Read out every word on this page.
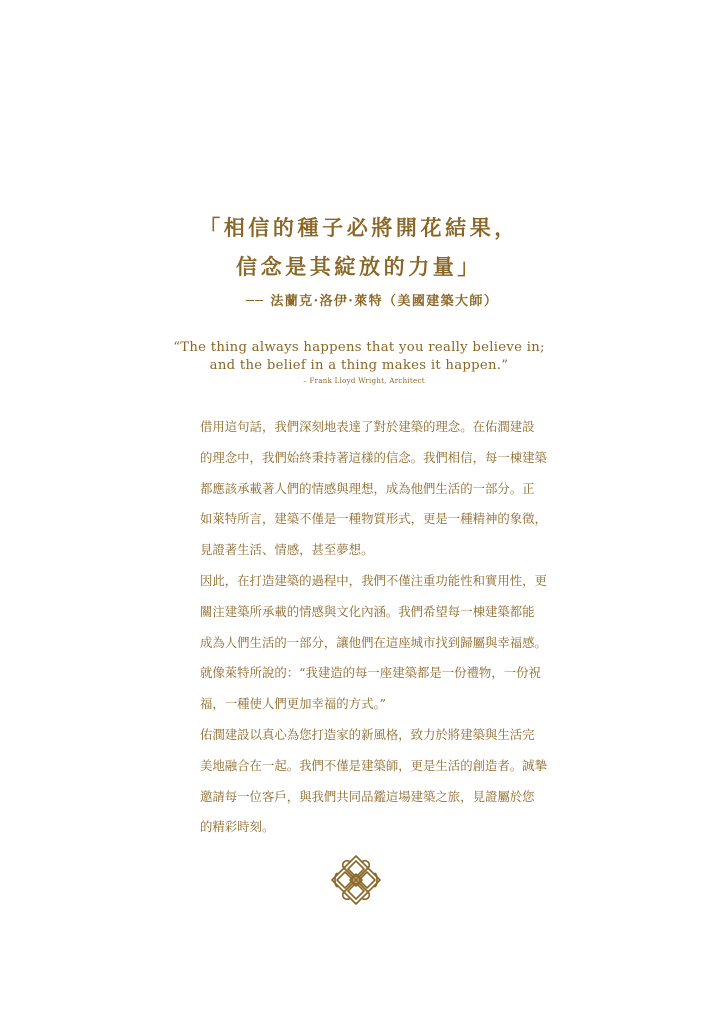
「相信的種子必將開花結果，
信念是其綻放的力量」
── 法蘭克·洛伊·萊特（美國建築大師）
“The thing always happens that you really believe in;
and the belief in a thing makes it happen.”
– Frank Lloyd Wright, Architect
借用這句話，我們深刻地表達了對於建築的理念。在佑潤建設
的理念中，我們始終秉持著這樣的信念。我們相信，每一棟建築
都應該承載著人們的情感與理想，成為他們生活的一部分。正
如萊特所言，建築不僅是一種物質形式，更是一種精神的象徵，
見證著生活、情感，甚至夢想。
因此，在打造建築的過程中，我們不僅注重功能性和實用性，更
關注建築所承載的情感與文化內涵。我們希望每一棟建築都能
成為人們生活的一部分，讓他們在這座城市找到歸屬與幸福感。
就像萊特所說的：“我建造的每一座建築都是一份禮物，一份祝
福，一種使人們更加幸福的方式。”
佑潤建設以真心為您打造家的新風格，致力於將建築與生活完
美地融合在一起。我們不僅是建築師，更是生活的創造者。誠摯
邀請每一位客戶，與我們共同品鑑這場建築之旅，見證屬於您
的精彩時刻。
